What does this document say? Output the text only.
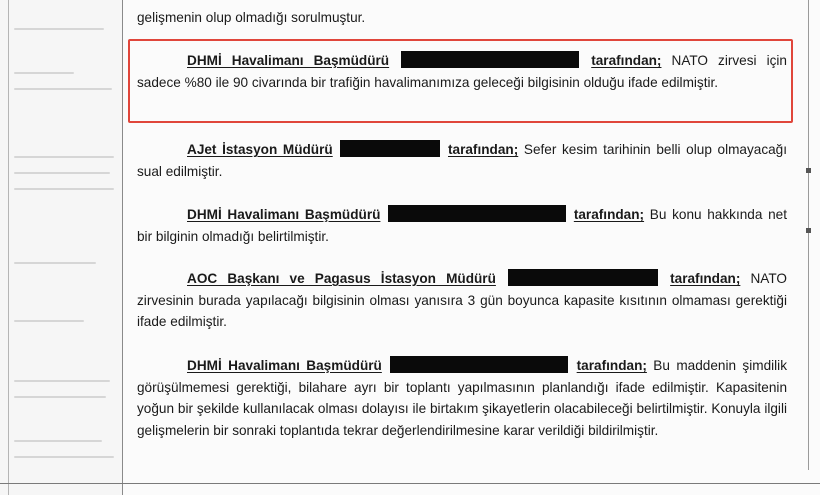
gelişmenin olup olmadığı sorulmuştur.
DHMİ Havalimanı Başmüdürü	tarafından; NATO zirvesi için sadece %80 ile 90 civarında bir trafiğin havalimanımıza geleceği bilgisinin olduğu ifade edilmiştir.
AJet İstasyon Müdürü	tarafından; Sefer kesim tarihinin belli olup olmayacağı sual edilmiştir.
DHMİ Havalimanı Başmüdürü	tarafından; Bu konu hakkında net bir bilginin olmadığı belirtilmiştir.
AOC Başkanı ve Pagasus İstasyon Müdürü	tarafından; NATO zirvesinin burada yapılacağı bilgisinin olması yanısıra 3 gün boyunca kapasite kısıtının olmaması gerektiği ifade edilmiştir.
DHMİ Havalimanı Başmüdürü	tarafından; Bu maddenin şimdilik görüşülmemesi gerektiği, bilahare ayrı bir toplantı yapılmasının planlandığı ifade edilmiştir. Kapasitenin yoğun bir şekilde kullanılacak olması dolayısı ile birtakım şikayetlerin olacabileceği belirtilmiştir. Konuyla ilgili gelişmelerin bir sonraki toplantıda tekrar değerlendirilmesine karar verildiği bildirilmiştir.
